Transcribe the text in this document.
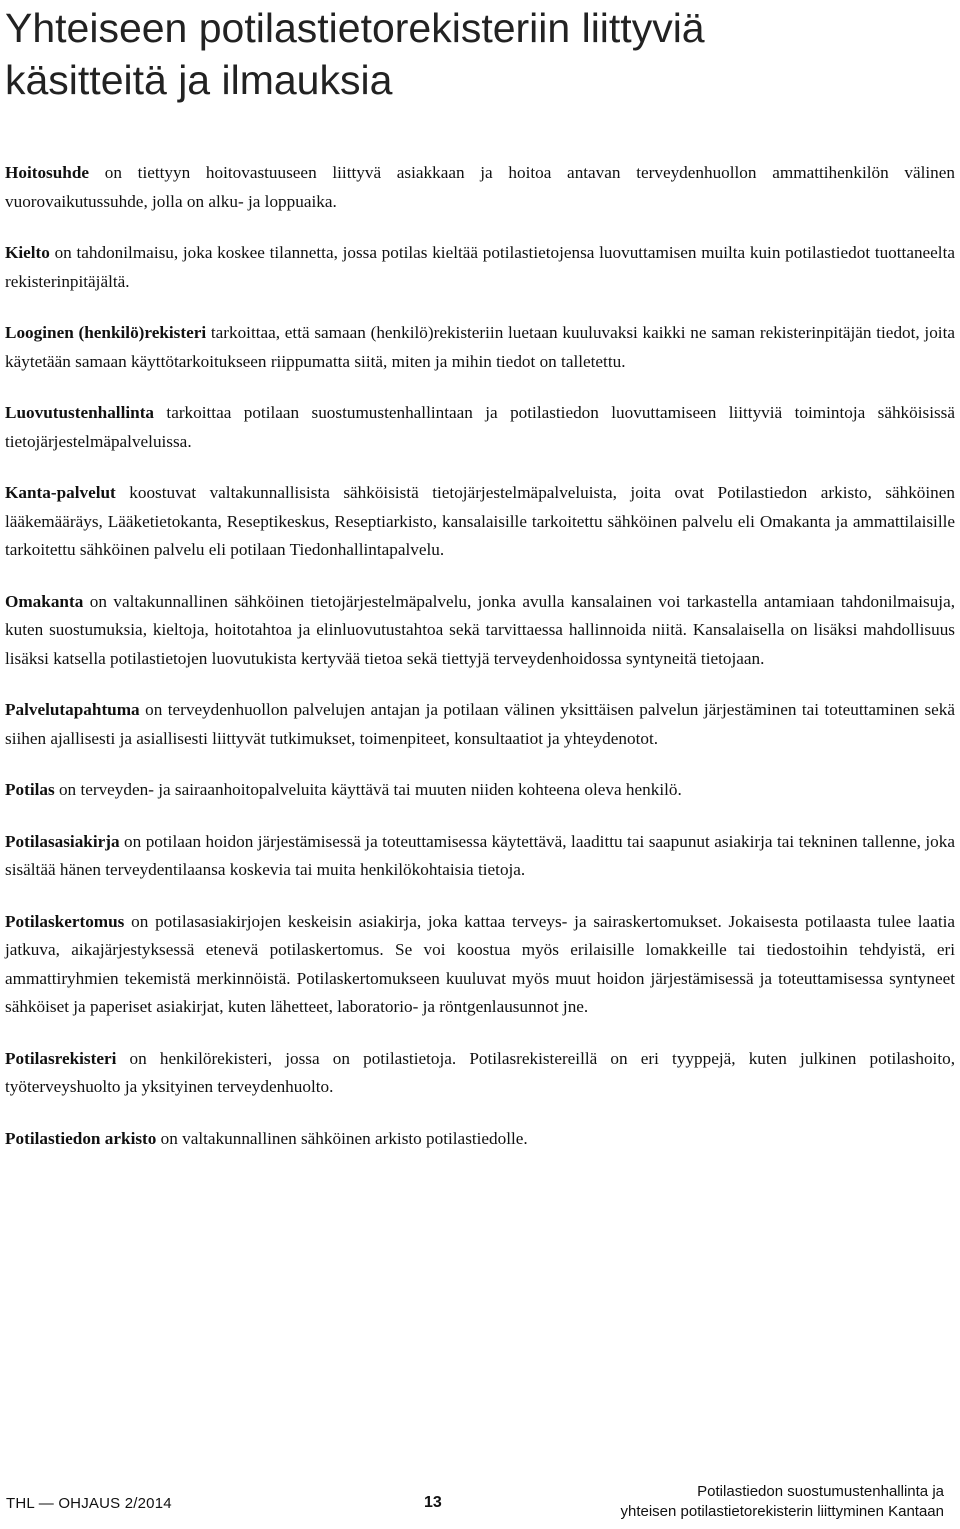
Yhteiseen potilastietorekisteriin liittyviä
käsitteitä ja ilmauksia

Hoitosuhde on tiettyyn hoitovastuuseen liittyvä asiakkaan ja hoitoa antavan terveydenhuollon ammattihenkilön välinen vuorovaikutussuhde, jolla on alku- ja loppuaika.

Kielto on tahdonilmaisu, joka koskee tilannetta, jossa potilas kieltää potilastietojensa luovuttamisen muilta kuin potilastiedot tuottaneelta rekisterinpitäjältä.

Looginen (henkilö)rekisteri tarkoittaa, että samaan (henkilö)rekisteriin luetaan kuuluvaksi kaikki ne saman rekisterinpitäjän tiedot, joita käytetään samaan käyttötarkoitukseen riippumatta siitä, miten ja mihin tiedot on talletettu.

Luovutustenhallinta tarkoittaa potilaan suostumustenhallintaan ja potilastiedon luovuttamiseen liittyviä toimintoja sähköisissä tietojärjestelmäpalveluissa.

Kanta-palvelut koostuvat valtakunnallisista sähköisistä tietojärjestelmäpalveluista, joita ovat Potilastiedon arkisto, sähköinen lääkemääräys, Lääketietokanta, Reseptikeskus, Reseptiarkisto, kansalaisille tarkoitettu sähköinen palvelu eli Omakanta ja ammattilaisille tarkoitettu sähköinen palvelu eli potilaan Tiedonhallintapalvelu.

Omakanta on valtakunnallinen sähköinen tietojärjestelmäpalvelu, jonka avulla kansalainen voi tarkastella antamiaan tahdonilmaisuja, kuten suostumuksia, kieltoja, hoitotahtoa ja elinluovutustahtoa sekä tarvittaessa hallinnoida niitä. Kansalaisella on lisäksi mahdollisuus lisäksi katsella potilastietojen luovutukista kertyvää tietoa sekä tiettyjä terveydenhoidossa syntyneitä tietojaan.

Palvelutapahtuma on terveydenhuollon palvelujen antajan ja potilaan välinen yksittäisen palvelun järjestäminen tai toteuttaminen sekä siihen ajallisesti ja asiallisesti liittyvät tutkimukset, toimenpiteet, konsultaatiot ja yhteydenotot.

Potilas on terveyden- ja sairaanhoitopalveluita käyttävä tai muuten niiden kohteena oleva henkilö.

Potilasasiakirja on potilaan hoidon järjestämisessä ja toteuttamisessa käytettävä, laadittu tai saapunut asiakirja tai tekninen tallenne, joka sisältää hänen terveydentilaansa koskevia tai muita henkilökohtaisia tietoja.

Potilaskertomus on potilasasiakirjojen keskeisin asiakirja, joka kattaa terveys- ja sairaskertomukset. Jokaisesta potilaasta tulee laatia jatkuva, aikajärjestyksessä etenevä potilaskertomus. Se voi koostua myös erilaisille lomakkeille tai tiedostoihin tehdyistä, eri ammattiryhmien tekemistä merkinnöistä. Potilaskertomukseen kuuluvat myös muut hoidon järjestämisessä ja toteuttamisessa syntyneet sähköiset ja paperiset asiakirjat, kuten lähetteet, laboratorio- ja röntgenlausunnot jne.

Potilasrekisteri on henkilörekisteri, jossa on potilastietoja. Potilasrekistereillä on eri tyyppejä, kuten julkinen potilashoito, työterveyshuolto ja yksityinen terveydenhuolto.

Potilastiedon arkisto on valtakunnallinen sähköinen arkisto potilastiedolle.

THL — OHJAUS 2/2014	13
Potilastiedon suostumustenhallinta ja
yhteisen potilastietorekisterin liittyminen Kantaan
